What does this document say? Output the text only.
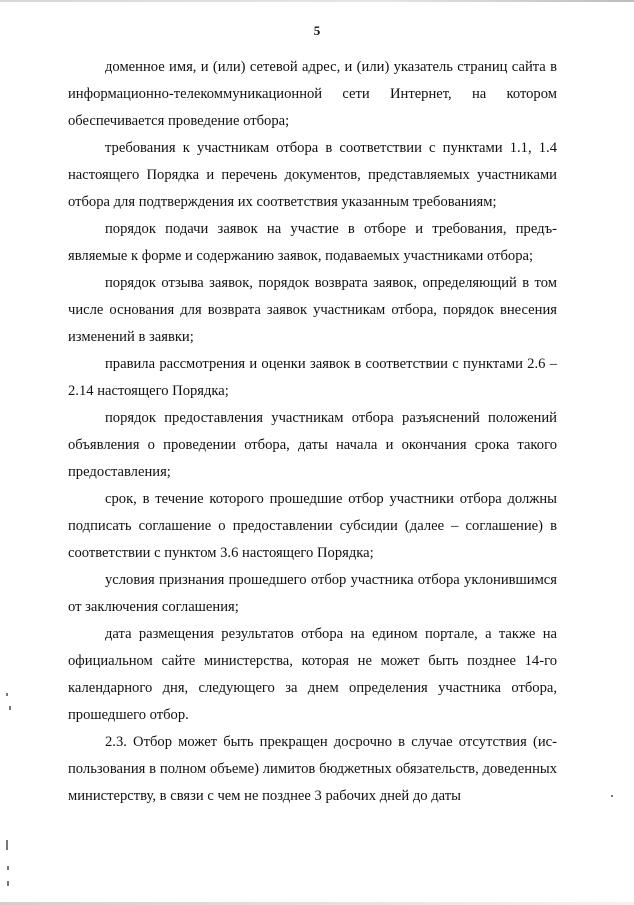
5

доменное имя, и (или) сетевой адрес, и (или) указатель страниц сайта в информационно-телекоммуникационной сети Интернет, на котором обеспечивается проведение отбора;

требования к участникам отбора в соответствии с пунктами 1.1, 1.4 настоящего Порядка и перечень документов, представляемых участниками отбора для подтверждения их соответствия указанным требованиям;

порядок подачи заявок на участие в отборе и требования, предъявляемые к форме и содержанию заявок, подаваемых участниками отбора;

порядок отзыва заявок, порядок возврата заявок, определяющий в том числе основания для возврата заявок участникам отбора, порядок внесения изменений в заявки;

правила рассмотрения и оценки заявок в соответствии с пунктами 2.6 – 2.14 настоящего Порядка;

порядок предоставления участникам отбора разъяснений положений объявления о проведении отбора, даты начала и окончания срока такого предоставления;

срок, в течение которого прошедшие отбор участники отбора должны подписать соглашение о предоставлении субсидии (далее – соглашение) в соответствии с пунктом 3.6 настоящего Порядка;

условия признания прошедшего отбор участника отбора уклонившимся от заключения соглашения;

дата размещения результатов отбора на едином портале, а также на официальном сайте министерства, которая не может быть позднее 14-го календарного дня, следующего за днем определения участника отбора, прошедшего отбор.

2.3. Отбор может быть прекращен досрочно в случае отсутствия (использования в полном объеме) лимитов бюджетных обязательств, доведенных министерству, в связи с чем не позднее 3 рабочих дней до даты
